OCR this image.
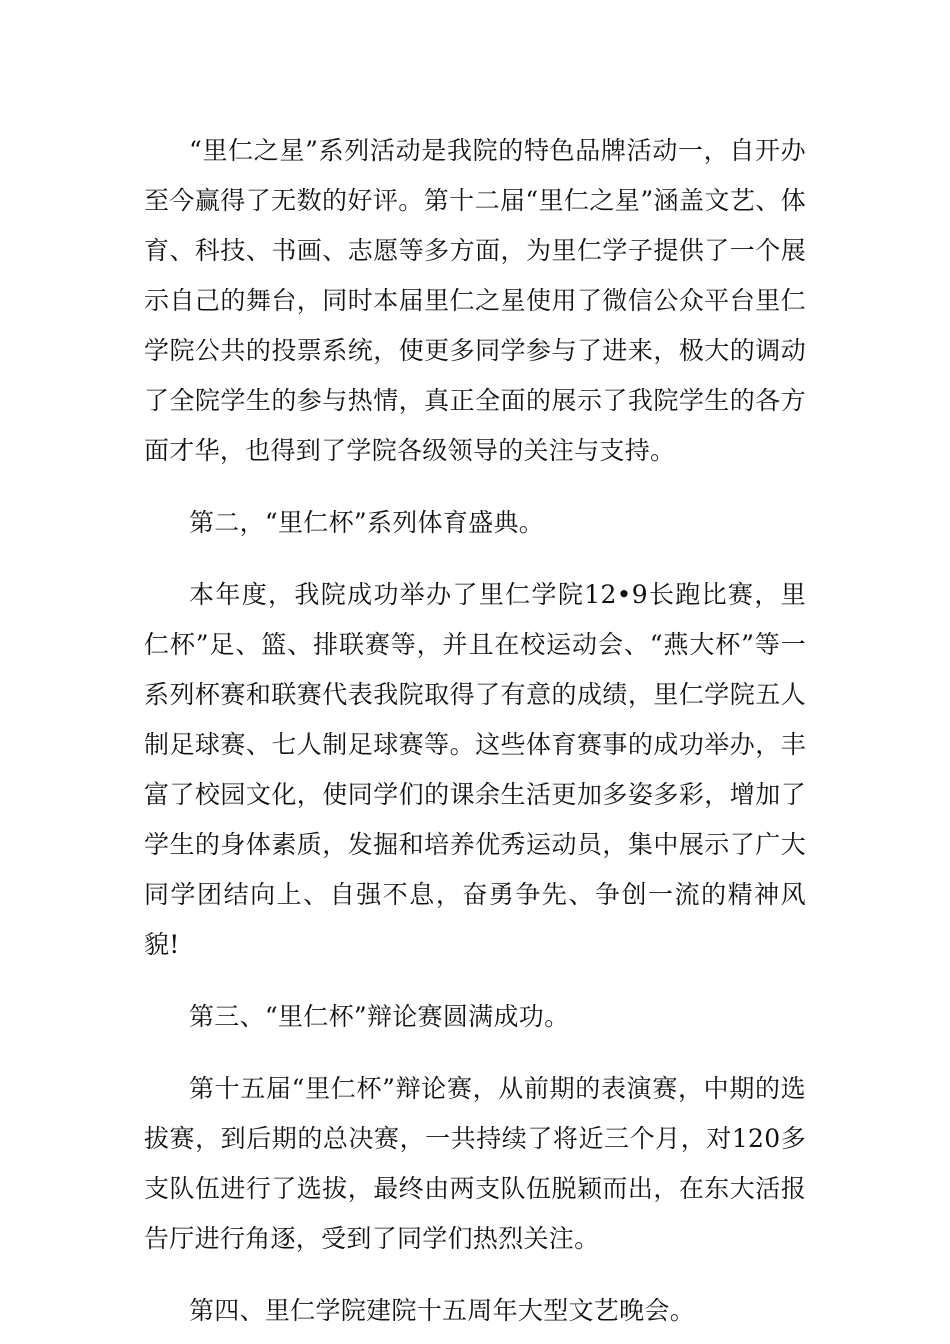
“里仁之星”系列活动是我院的特色品牌活动一，自开办至今赢得了无数的好评。第十二届“里仁之星”涵盖文艺、体育、科技、书画、志愿等多方面，为里仁学子提供了一个展示自己的舞台，同时本届里仁之星使用了微信公众平台里仁学院公共的投票系统，使更多同学参与了进来，极大的调动了全院学生的参与热情，真正全面的展示了我院学生的各方面才华，也得到了学院各级领导的关注与支持。

第二，“里仁杯”系列体育盛典。

本年度，我院成功举办了里仁学院12•9长跑比赛，里仁杯”足、篮、排联赛等，并且在校运动会、“燕大杯”等一系列杯赛和联赛代表我院取得了有意的成绩，里仁学院五人制足球赛、七人制足球赛等。这些体育赛事的成功举办，丰富了校园文化，使同学们的课余生活更加多姿多彩，增加了学生的身体素质，发掘和培养优秀运动员，集中展示了广大同学团结向上、自强不息，奋勇争先、争创一流的精神风貌!

第三、“里仁杯”辩论赛圆满成功。

第十五届“里仁杯”辩论赛，从前期的表演赛，中期的选拔赛，到后期的总决赛，一共持续了将近三个月，对120多支队伍进行了选拔，最终由两支队伍脱颖而出，在东大活报告厅进行角逐，受到了同学们热烈关注。

第四、里仁学院建院十五周年大型文艺晚会。
